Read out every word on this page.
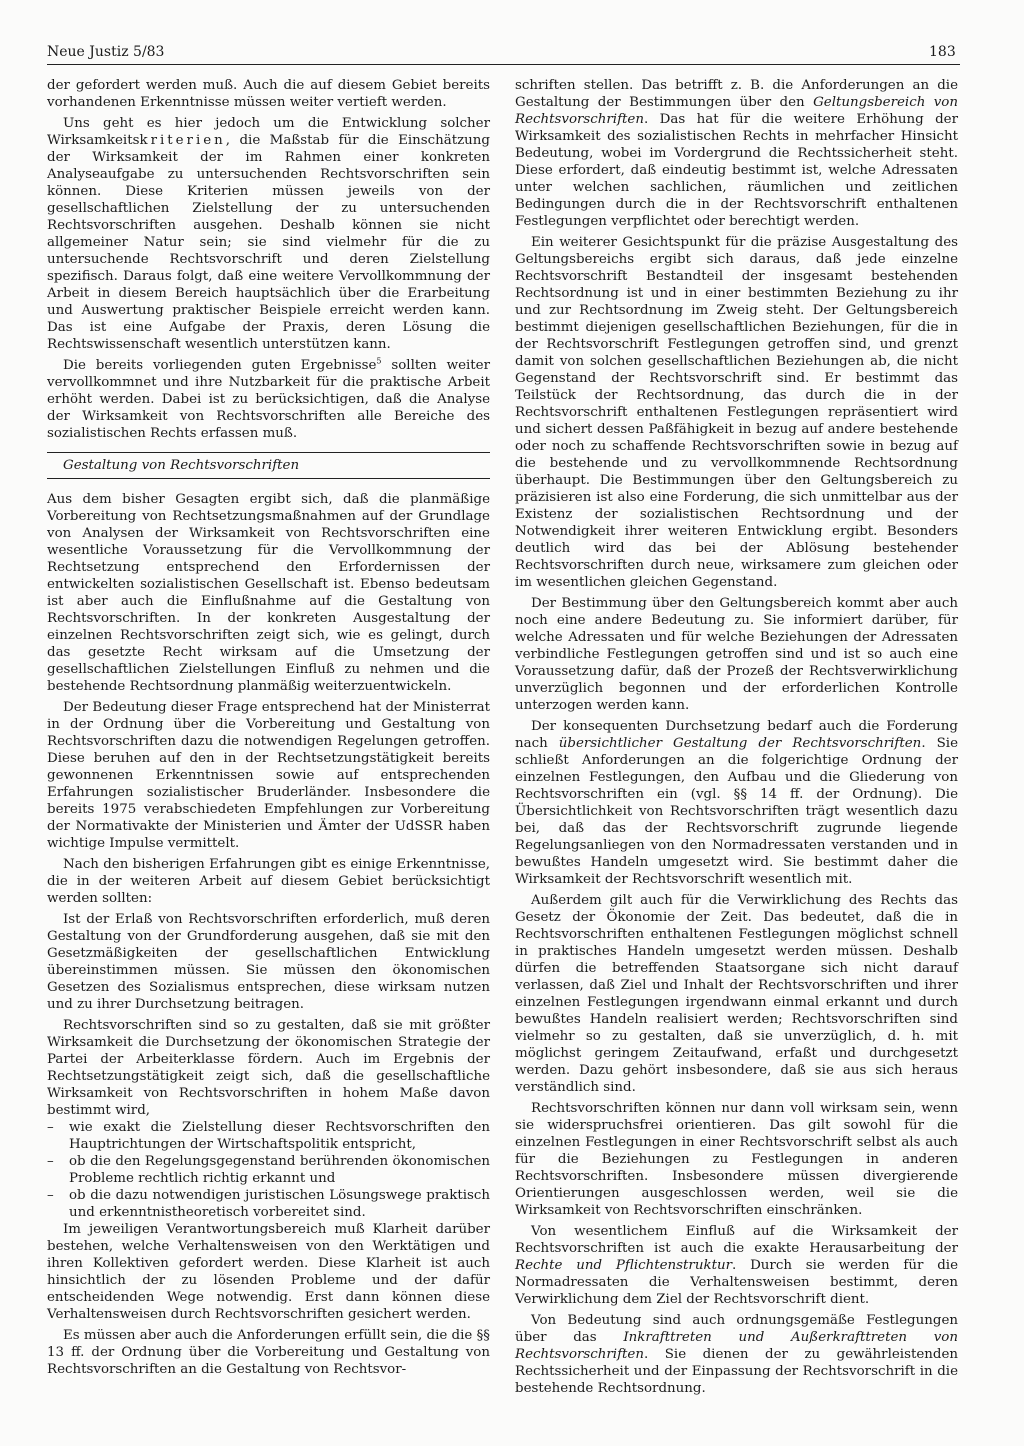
Neue Justiz 5/83	183

der gefordert werden muß. Auch die auf diesem Gebiet bereits vorhandenen Erkenntnisse müssen weiter vertieft werden.

Uns geht es hier jedoch um die Entwicklung solcher Wirksamkeitskriterien, die Maßstab für die Einschätzung der Wirksamkeit der im Rahmen einer konkreten Analyseaufgabe zu untersuchenden Rechtsvorschriften sein können. Diese Kriterien müssen jeweils von der gesellschaftlichen Zielstellung der zu untersuchenden Rechtsvorschriften ausgehen. Deshalb können sie nicht allgemeiner Natur sein; sie sind vielmehr für die zu untersuchende Rechtsvorschrift und deren Zielstellung spezifisch. Daraus folgt, daß eine weitere Vervollkommnung der Arbeit in diesem Bereich hauptsächlich über die Erarbeitung und Auswertung praktischer Beispiele erreicht werden kann. Das ist eine Aufgabe der Praxis, deren Lösung die Rechtswissenschaft wesentlich unterstützen kann.

Die bereits vorliegenden guten Ergebnisse$^5$ sollten weiter vervollkommnet und ihre Nutzbarkeit für die praktische Arbeit erhöht werden. Dabei ist zu berücksichtigen, daß die Analyse der Wirksamkeit von Rechtsvorschriften alle Bereiche des sozialistischen Rechts erfassen muß.

Gestaltung von Rechtsvorschriften

Aus dem bisher Gesagten ergibt sich, daß die planmäßige Vorbereitung von Rechtsetzungsmaßnahmen auf der Grundlage von Analysen der Wirksamkeit von Rechtsvorschriften eine wesentliche Voraussetzung für die Vervollkommnung der Rechtsetzung entsprechend den Erfordernissen der entwickelten sozialistischen Gesellschaft ist. Ebenso bedeutsam ist aber auch die Einflußnahme auf die Gestaltung von Rechtsvorschriften. In der konkreten Ausgestaltung der einzelnen Rechtsvorschriften zeigt sich, wie es gelingt, durch das gesetzte Recht wirksam auf die Umsetzung der gesellschaftlichen Zielstellungen Einfluß zu nehmen und die bestehende Rechtsordnung planmäßig weiterzuentwickeln.

Der Bedeutung dieser Frage entsprechend hat der Ministerrat in der Ordnung über die Vorbereitung und Gestaltung von Rechtsvorschriften dazu die notwendigen Regelungen getroffen. Diese beruhen auf den in der Rechtsetzungstätigkeit bereits gewonnenen Erkenntnissen sowie auf entsprechenden Erfahrungen sozialistischer Bruderländer. Insbesondere die bereits 1975 verabschiedeten Empfehlungen zur Vorbereitung der Normativakte der Ministerien und Ämter der UdSSR haben wichtige Impulse vermittelt.

Nach den bisherigen Erfahrungen gibt es einige Erkenntnisse, die in der weiteren Arbeit auf diesem Gebiet berücksichtigt werden sollten:

Ist der Erlaß von Rechtsvorschriften erforderlich, muß deren Gestaltung von der Grundforderung ausgehen, daß sie mit den Gesetzmäßigkeiten der gesellschaftlichen Entwicklung übereinstimmen müssen. Sie müssen den ökonomischen Gesetzen des Sozialismus entsprechen, diese wirksam nutzen und zu ihrer Durchsetzung beitragen.

Rechtsvorschriften sind so zu gestalten, daß sie mit größter Wirksamkeit die Durchsetzung der ökonomischen Strategie der Partei der Arbeiterklasse fördern. Auch im Ergebnis der Rechtsetzungstätigkeit zeigt sich, daß die gesellschaftliche Wirksamkeit von Rechtsvorschriften in hohem Maße davon bestimmt wird,

– wie exakt die Zielstellung dieser Rechtsvorschriften den Hauptrichtungen der Wirtschaftspolitik entspricht,
– ob die den Regelungsgegenstand berührenden ökonomischen Probleme rechtlich richtig erkannt und
– ob die dazu notwendigen juristischen Lösungswege praktisch und erkenntnistheoretisch vorbereitet sind.

Im jeweiligen Verantwortungsbereich muß Klarheit darüber bestehen, welche Verhaltensweisen von den Werktätigen und ihren Kollektiven gefordert werden. Diese Klarheit ist auch hinsichtlich der zu lösenden Probleme und der dafür entscheidenden Wege notwendig. Erst dann können diese Verhaltensweisen durch Rechtsvorschriften gesichert werden.

Es müssen aber auch die Anforderungen erfüllt sein, die die §§ 13 ff. der Ordnung über die Vorbereitung und Gestaltung von Rechtsvorschriften an die Gestaltung von Rechtsvor-

schriften stellen. Das betrifft z. B. die Anforderungen an die Gestaltung der Bestimmungen über den Geltungsbereich von Rechtsvorschriften. Das hat für die weitere Erhöhung der Wirksamkeit des sozialistischen Rechts in mehrfacher Hinsicht Bedeutung, wobei im Vordergrund die Rechtssicherheit steht. Diese erfordert, daß eindeutig bestimmt ist, welche Adressaten unter welchen sachlichen, räumlichen und zeitlichen Bedingungen durch die in der Rechtsvorschrift enthaltenen Festlegungen verpflichtet oder berechtigt werden.

Ein weiterer Gesichtspunkt für die präzise Ausgestaltung des Geltungsbereichs ergibt sich daraus, daß jede einzelne Rechtsvorschrift Bestandteil der insgesamt bestehenden Rechtsordnung ist und in einer bestimmten Beziehung zu ihr und zur Rechtsordnung im Zweig steht. Der Geltungsbereich bestimmt diejenigen gesellschaftlichen Beziehungen, für die in der Rechtsvorschrift Festlegungen getroffen sind, und grenzt damit von solchen gesellschaftlichen Beziehungen ab, die nicht Gegenstand der Rechtsvorschrift sind. Er bestimmt das Teilstück der Rechtsordnung, das durch die in der Rechtsvorschrift enthaltenen Festlegungen repräsentiert wird und sichert dessen Paßfähigkeit in bezug auf andere bestehende oder noch zu schaffende Rechtsvorschriften sowie in bezug auf die bestehende und zu vervollkommnende Rechtsordnung überhaupt. Die Bestimmungen über den Geltungsbereich zu präzisieren ist also eine Forderung, die sich unmittelbar aus der Existenz der sozialistischen Rechtsordnung und der Notwendigkeit ihrer weiteren Entwicklung ergibt. Besonders deutlich wird das bei der Ablösung bestehender Rechtsvorschriften durch neue, wirksamere zum gleichen oder im wesentlichen gleichen Gegenstand.

Der Bestimmung über den Geltungsbereich kommt aber auch noch eine andere Bedeutung zu. Sie informiert darüber, für welche Adressaten und für welche Beziehungen der Adressaten verbindliche Festlegungen getroffen sind und ist so auch eine Voraussetzung dafür, daß der Prozeß der Rechtsverwirklichung unverzüglich begonnen und der erforderlichen Kontrolle unterzogen werden kann.

Der konsequenten Durchsetzung bedarf auch die Forderung nach übersichtlicher Gestaltung der Rechtsvorschriften. Sie schließt Anforderungen an die folgerichtige Ordnung der einzelnen Festlegungen, den Aufbau und die Gliederung von Rechtsvorschriften ein (vgl. §§ 14 ff. der Ordnung). Die Übersichtlichkeit von Rechtsvorschriften trägt wesentlich dazu bei, daß das der Rechtsvorschrift zugrunde liegende Regelungsanliegen von den Normadressaten verstanden und in bewußtes Handeln umgesetzt wird. Sie bestimmt daher die Wirksamkeit der Rechtsvorschrift wesentlich mit.

Außerdem gilt auch für die Verwirklichung des Rechts das Gesetz der Ökonomie der Zeit. Das bedeutet, daß die in Rechtsvorschriften enthaltenen Festlegungen möglichst schnell in praktisches Handeln umgesetzt werden müssen. Deshalb dürfen die betreffenden Staatsorgane sich nicht darauf verlassen, daß Ziel und Inhalt der Rechtsvorschriften und ihrer einzelnen Festlegungen irgendwann einmal erkannt und durch bewußtes Handeln realisiert werden; Rechtsvorschriften sind vielmehr so zu gestalten, daß sie unverzüglich, d. h. mit möglichst geringem Zeitaufwand, erfaßt und durchgesetzt werden. Dazu gehört insbesondere, daß sie aus sich heraus verständlich sind.

Rechtsvorschriften können nur dann voll wirksam sein, wenn sie widerspruchsfrei orientieren. Das gilt sowohl für die einzelnen Festlegungen in einer Rechtsvorschrift selbst als auch für die Beziehungen zu Festlegungen in anderen Rechtsvorschriften. Insbesondere müssen divergierende Orientierungen ausgeschlossen werden, weil sie die Wirksamkeit von Rechtsvorschriften einschränken.

Von wesentlichem Einfluß auf die Wirksamkeit der Rechtsvorschriften ist auch die exakte Herausarbeitung der Rechte und Pflichtenstruktur. Durch sie werden für die Normadressaten die Verhaltensweisen bestimmt, deren Verwirklichung dem Ziel der Rechtsvorschrift dient.

Von Bedeutung sind auch ordnungsgemäße Festlegungen über das Inkrafttreten und Außerkrafttreten von Rechtsvorschriften. Sie dienen der zu gewährleistenden Rechtssicherheit und der Einpassung der Rechtsvorschrift in die bestehende Rechtsordnung.
